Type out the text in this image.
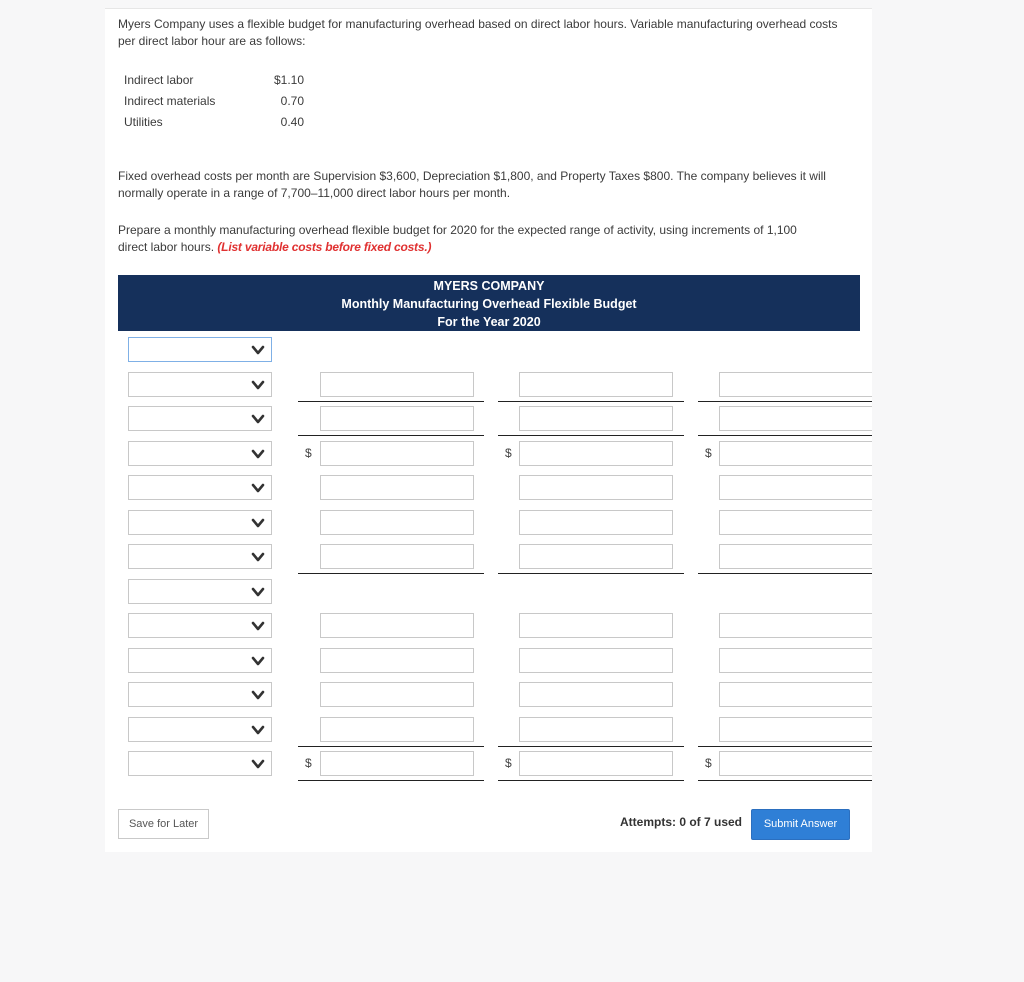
Myers Company uses a flexible budget for manufacturing overhead based on direct labor hours. Variable manufacturing overhead costs per direct labor hour are as follows:
Indirect labor	$1.10
Indirect materials	0.70
Utilities	0.40
Fixed overhead costs per month are Supervision $3,600, Depreciation $1,800, and Property Taxes $800. The company believes it will normally operate in a range of 7,700–11,000 direct labor hours per month.
Prepare a monthly manufacturing overhead flexible budget for 2020 for the expected range of activity, using increments of 1,100 direct labor hours. (List variable costs before fixed costs.)
MYERS COMPANY
Monthly Manufacturing Overhead Flexible Budget
For the Year 2020
$	$	$
$	$	$
Save for Later	Attempts: 0 of 7 used	Submit Answer
